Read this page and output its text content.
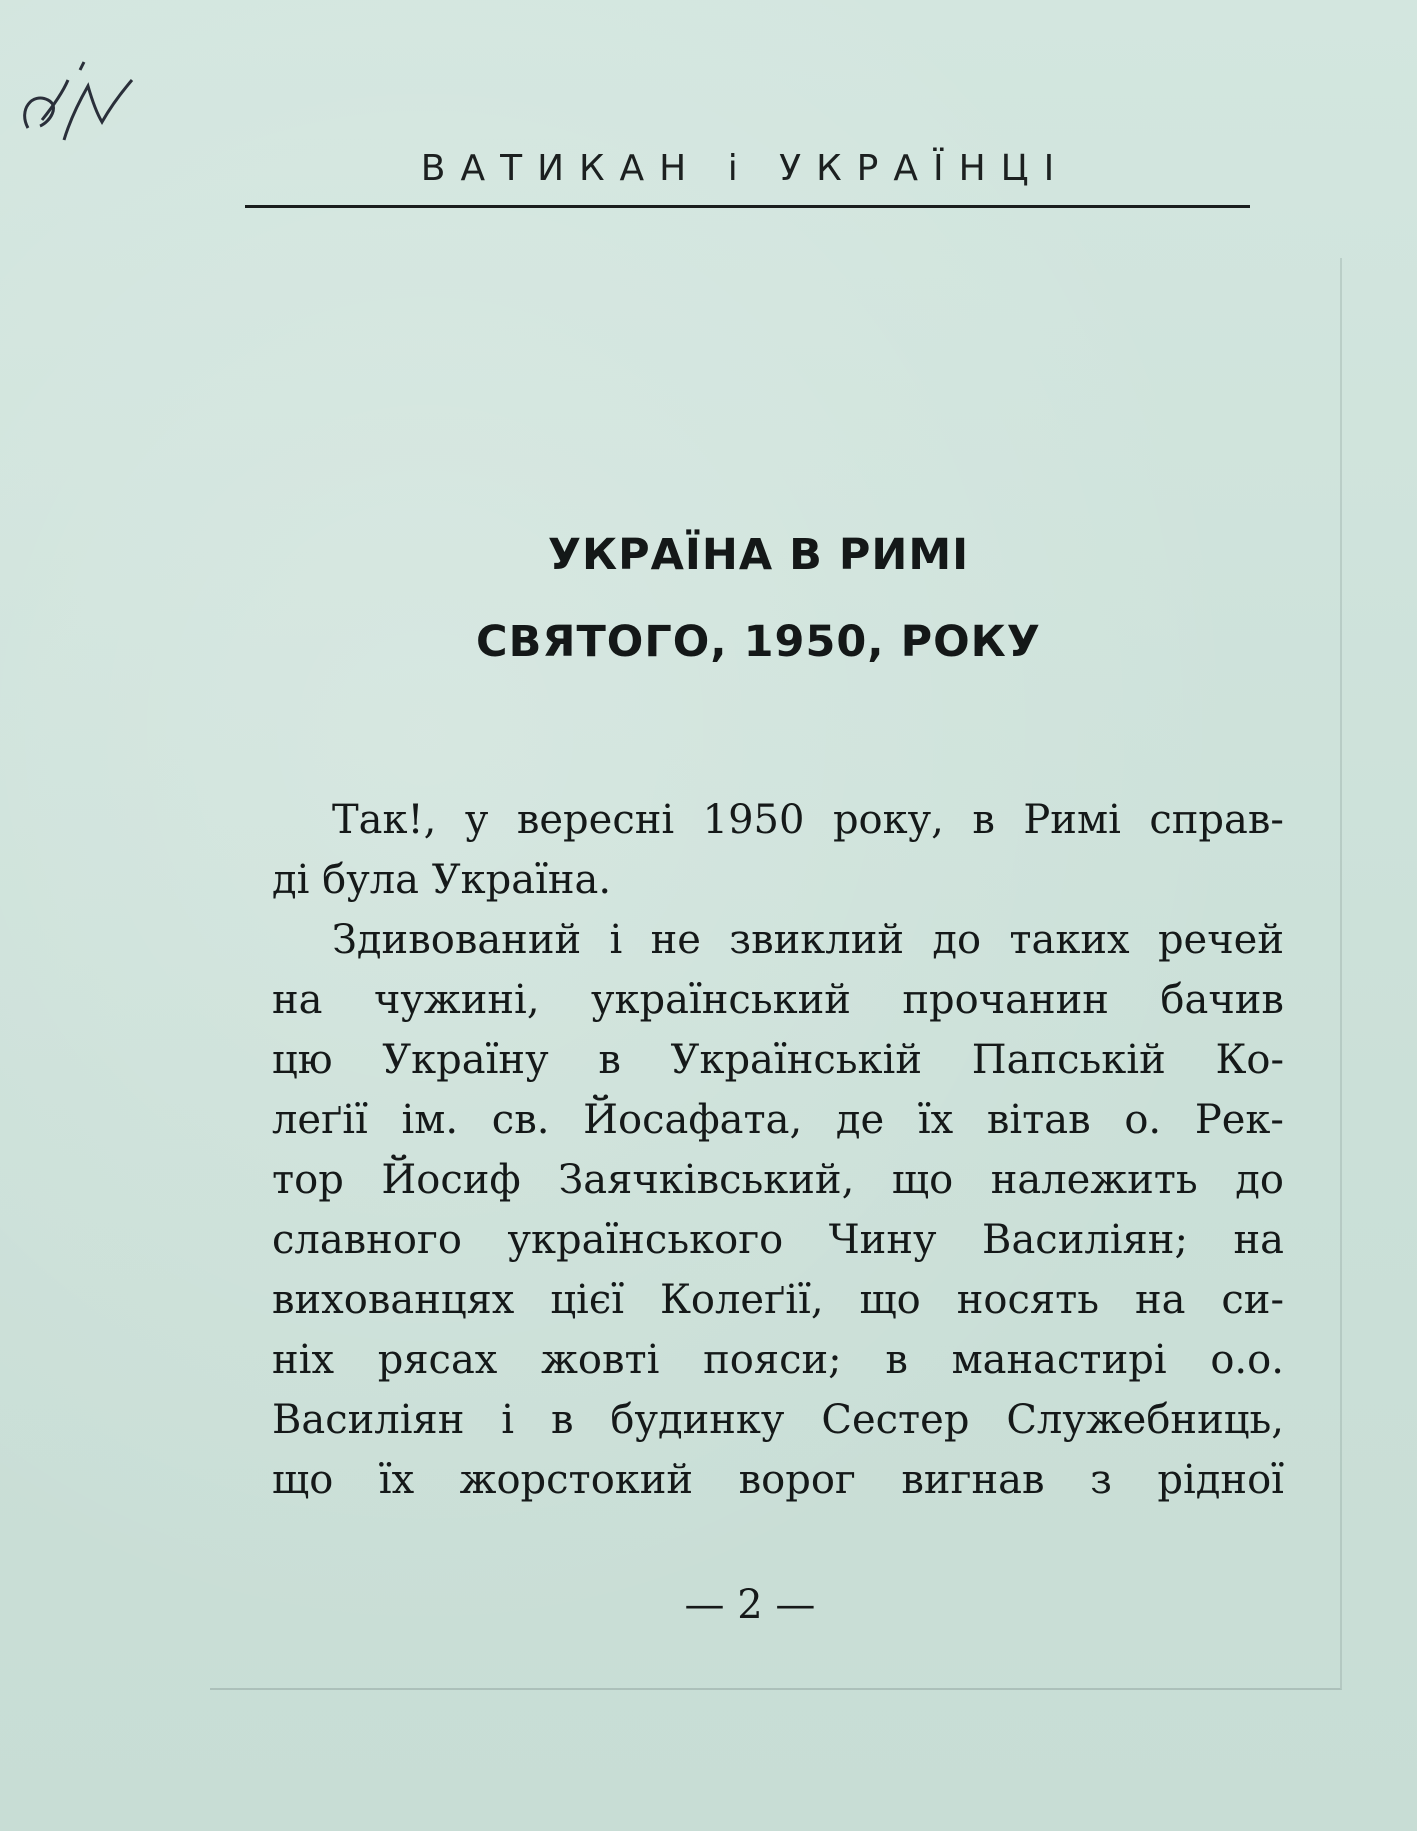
ВАТИКАН і УКРАЇНЦІ
УКРАЇНА В РИМІ
СВЯТОГО, 1950, РОКУ
Так!, у вересні 1950 року, в Римі справ-
ді
була
Україна.

Здивований і не звиклий до таких речей
на чужині, український прочанин бачив
цю Україну в Українській Папській Ко-
леґії ім. св. Йосафата, де їх вітав о. Рек-
тор Йосиф Заячківський, що належить до
славного українського Чину Василіян; на
вихованцях цієї Колеґії, що носять на си-
ніх рясах жовті пояси; в манастирі о.о.
Василіян і в будинку Сестер Служебниць,
що їх жорстокий ворог вигнав з рідної
— 2 —
